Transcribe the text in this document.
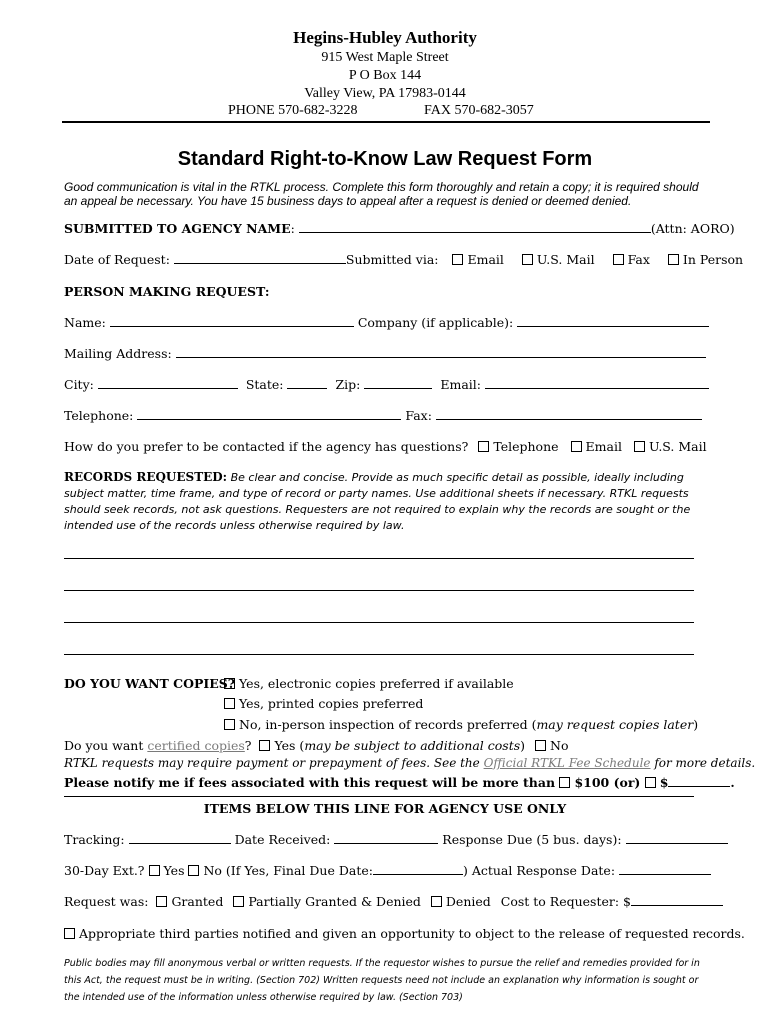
Hegins-Hubley Authority
915 West Maple Street
P O Box 144
Valley View, PA 17983-0144
PHONE 570-682-3228	FAX 570-682-3057
Standard Right-to-Know Law Request Form
Good communication is vital in the RTKL process. Complete this form thoroughly and retain a copy; it is required should an appeal be necessary. You have 15 business days to appeal after a request is denied or deemed denied.
SUBMITTED TO AGENCY NAME:	(Attn: AORO)
Date of Request:	Submitted via: Email	U.S. Mail	Fax	In Person
PERSON MAKING REQUEST:
Name:	Company (if applicable):
Mailing Address:
City:	State:	Zip:	Email:
Telephone:	Fax:
How do you prefer to be contacted if the agency has questions? Telephone Email U.S. Mail
RECORDS REQUESTED: Be clear and concise. Provide as much specific detail as possible, ideally including subject matter, time frame, and type of record or party names. Use additional sheets if necessary. RTKL requests should seek records, not ask questions. Requesters are not required to explain why the records are sought or the intended use of the records unless otherwise required by law.
DO YOU WANT COPIES? Yes, electronic copies preferred if available
Yes, printed copies preferred
No, in-person inspection of records preferred (may request copies later)
Do you want certified copies? Yes (may be subject to additional costs) No
RTKL requests may require payment or prepayment of fees. See the Official RTKL Fee Schedule for more details.
Please notify me if fees associated with this request will be more than $100 (or) $	.
ITEMS BELOW THIS LINE FOR AGENCY USE ONLY
Tracking:	Date Received:	Response Due (5 bus. days):
30-Day Ext.? Yes No (If Yes, Final Due Date:	) Actual Response Date:
Request was: Granted Partially Granted & Denied Denied Cost to Requester: $
Appropriate third parties notified and given an opportunity to object to the release of requested records.
Public bodies may fill anonymous verbal or written requests. If the requestor wishes to pursue the relief and remedies provided for in this Act, the request must be in writing. (Section 702) Written requests need not include an explanation why information is sought or the intended use of the information unless otherwise required by law. (Section 703)
